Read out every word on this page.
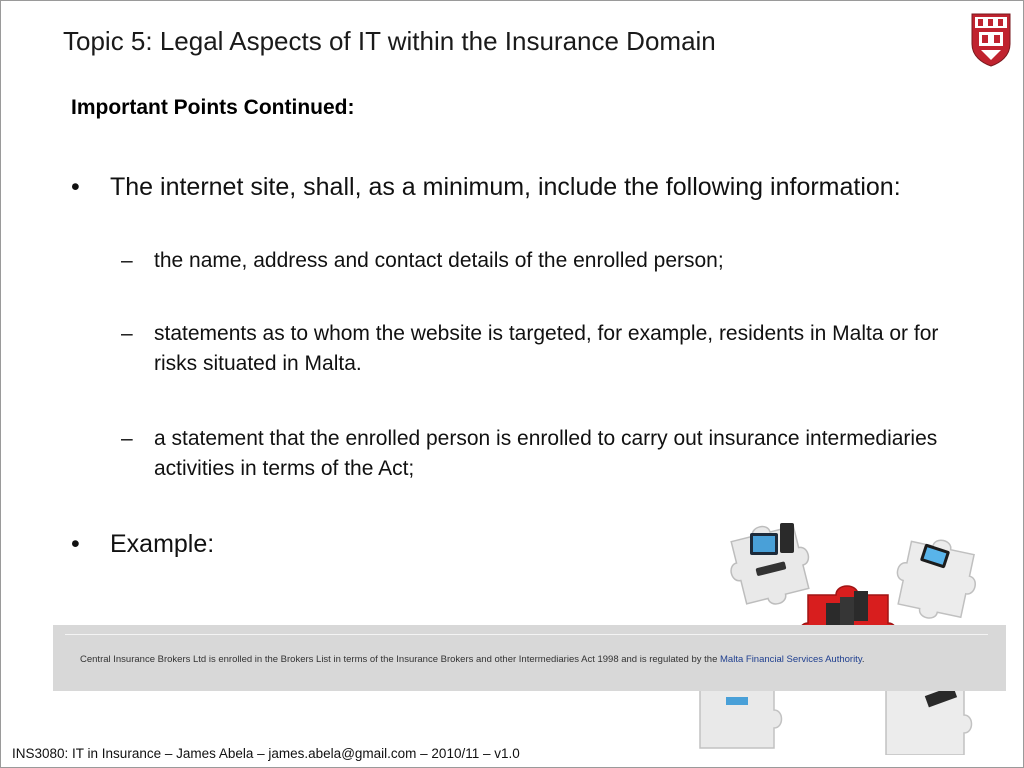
Topic 5: Legal Aspects of IT within the Insurance Domain
Important Points Continued:
• The internet site, shall, as a minimum, include the following information:
– the name, address and contact details of the enrolled person;
– statements as to whom the website is targeted, for example, residents in Malta or for risks situated in Malta.
– a statement that the enrolled person is enrolled to carry out insurance intermediaries activities in terms of the Act;
• Example:
Central Insurance Brokers Ltd is enrolled in the Brokers List in terms of the Insurance Brokers and other Intermediaries Act 1998 and is regulated by the Malta Financial Services Authority.
INS3080: IT in Insurance – James Abela – james.abela@gmail.com – 2010/11 – v1.0
